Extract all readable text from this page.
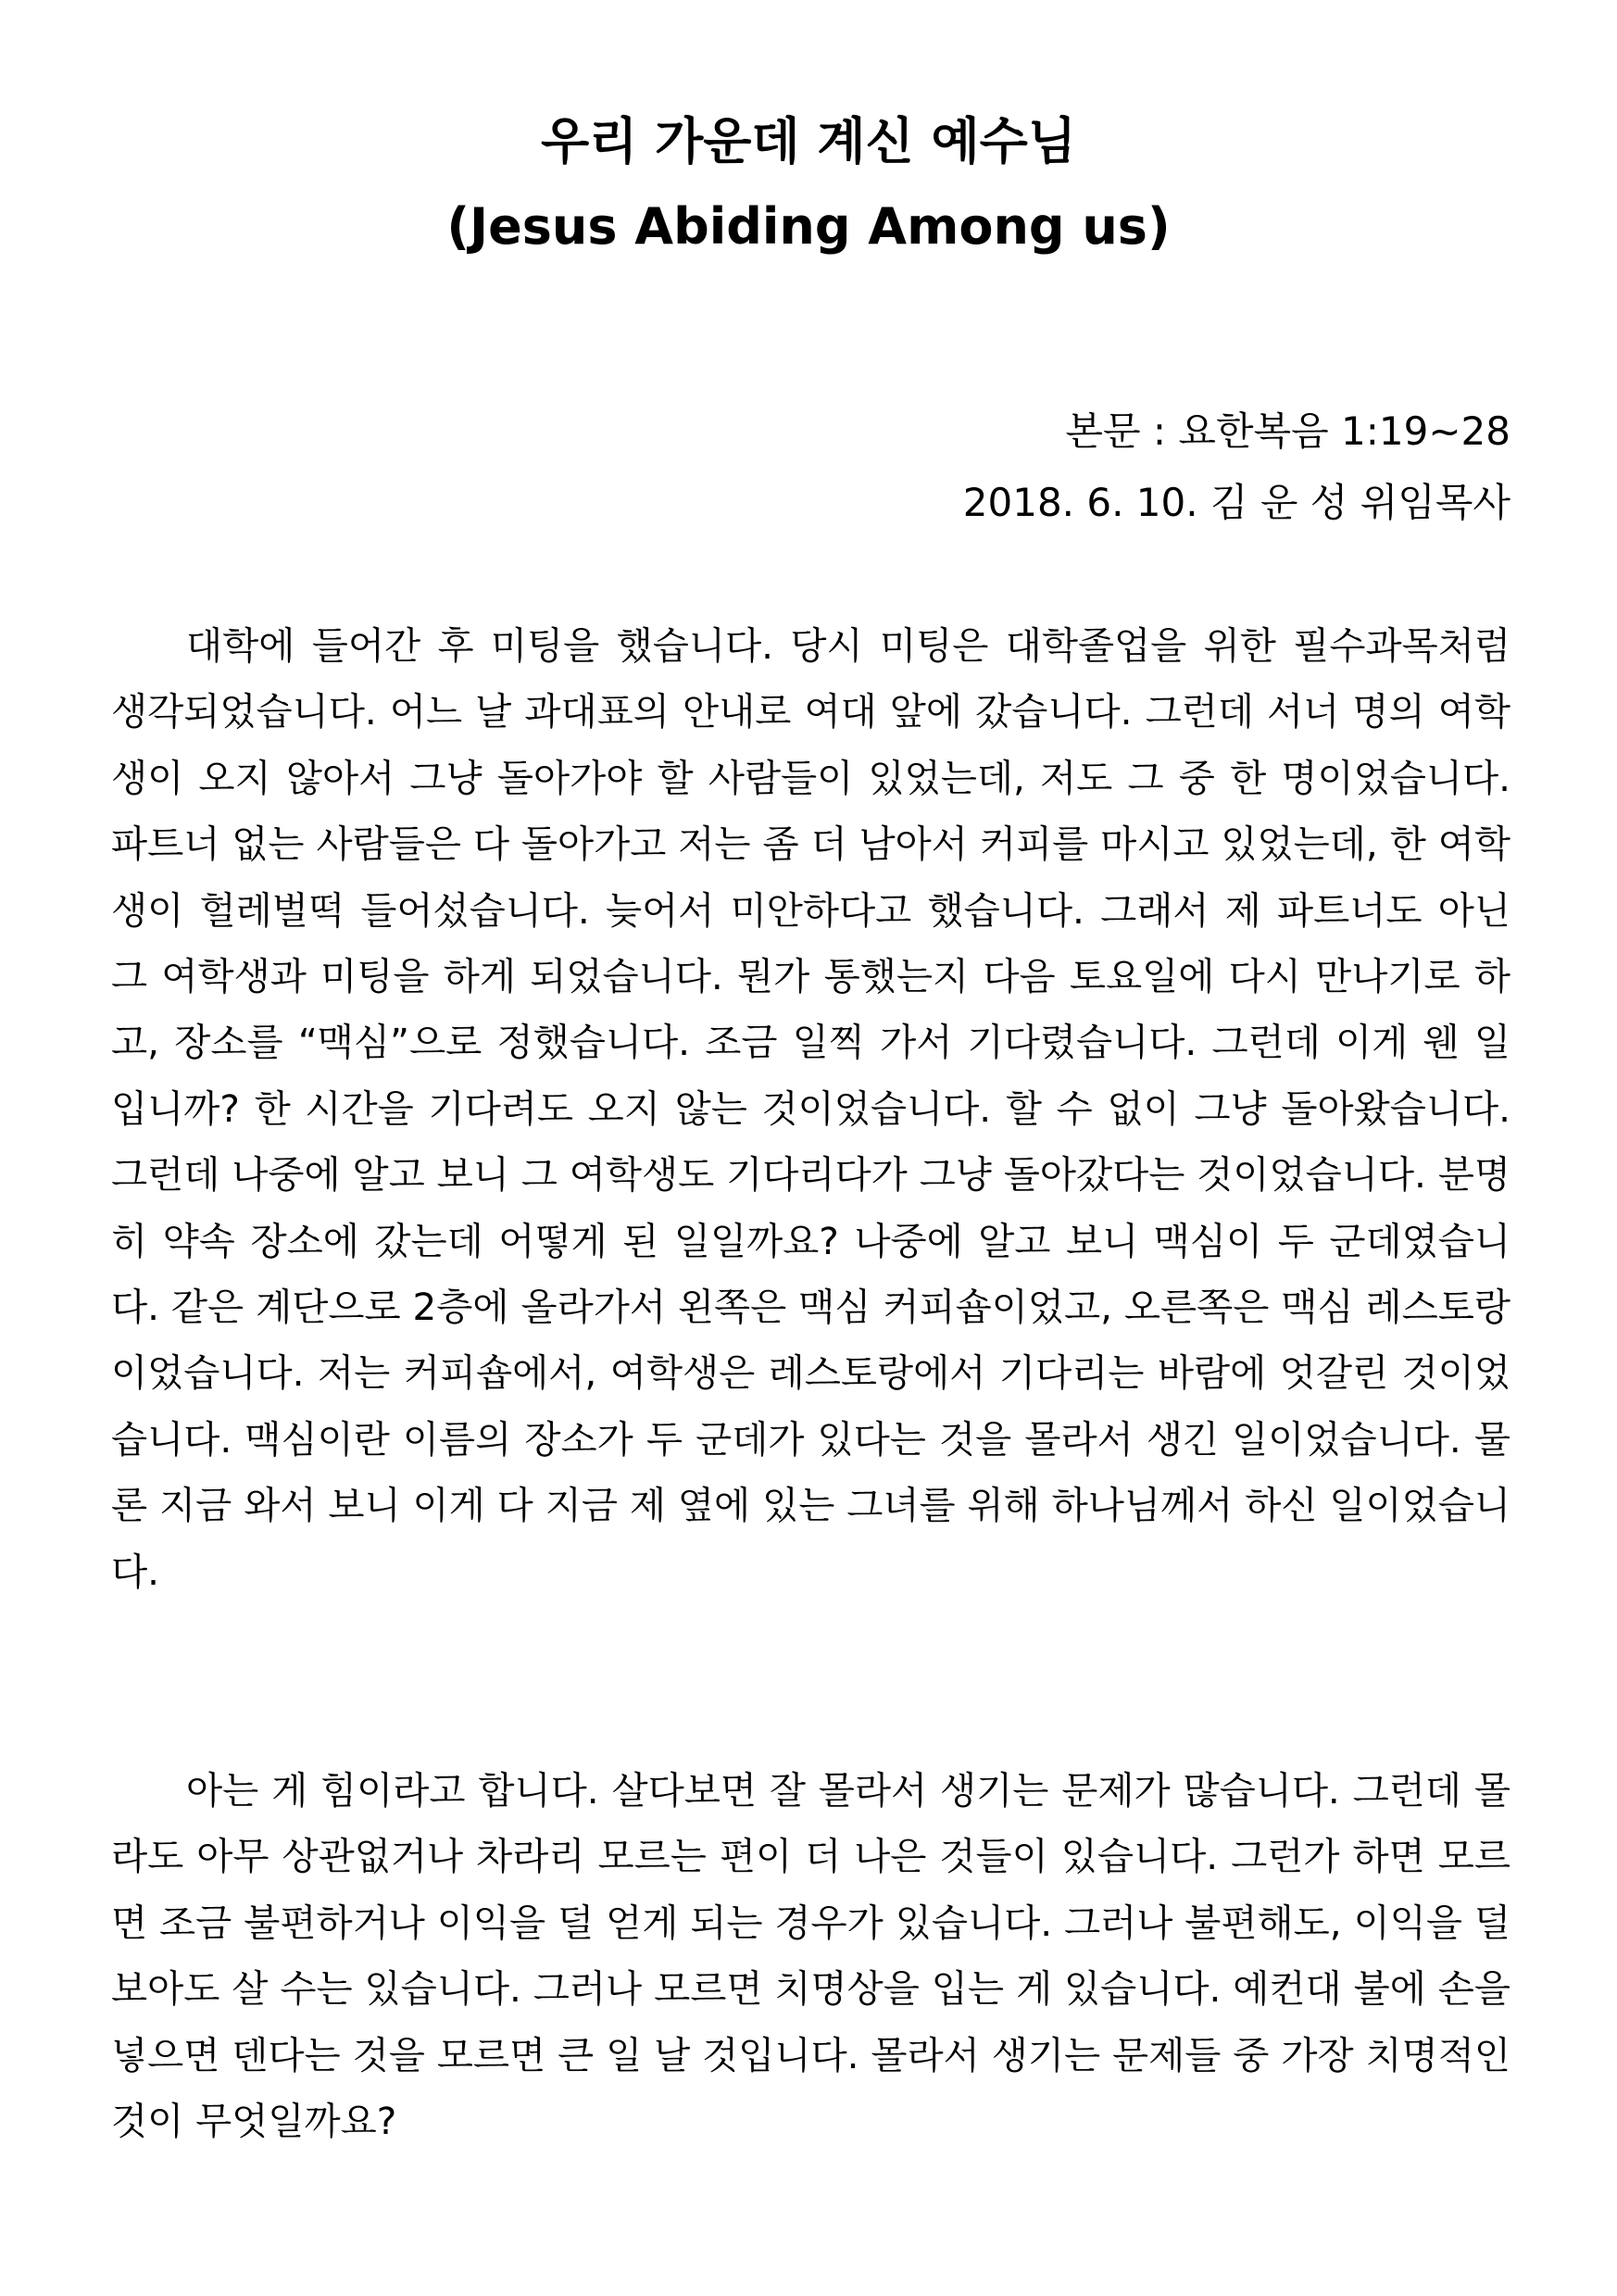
우리 가운데 계신 예수님
(Jesus Abiding Among us)
본문 : 요한복음 1:19~28
2018. 6. 10. 김 운 성 위임목사

대학에 들어간 후 미팅을 했습니다. 당시 미팅은 대학졸업을 위한 필수과목처럼 생각되었습니다. 어느 날 과대표의 안내로 여대 앞에 갔습니다. 그런데 서너 명의 여학생이 오지 않아서 그냥 돌아가야 할 사람들이 있었는데, 저도 그 중 한 명이었습니다. 파트너 없는 사람들은 다 돌아가고 저는 좀 더 남아서 커피를 마시고 있었는데, 한 여학생이 헐레벌떡 들어섰습니다. 늦어서 미안하다고 했습니다. 그래서 제 파트너도 아닌 그 여학생과 미팅을 하게 되었습니다. 뭔가 통했는지 다음 토요일에 다시 만나기로 하고, 장소를 “맥심”으로 정했습니다. 조금 일찍 가서 기다렸습니다. 그런데 이게 웬 일입니까? 한 시간을 기다려도 오지 않는 것이었습니다. 할 수 없이 그냥 돌아왔습니다. 그런데 나중에 알고 보니 그 여학생도 기다리다가 그냥 돌아갔다는 것이었습니다. 분명히 약속 장소에 갔는데 어떻게 된 일일까요? 나중에 알고 보니 맥심이 두 군데였습니다. 같은 계단으로 2층에 올라가서 왼쪽은 맥심 커피숍이었고, 오른쪽은 맥심 레스토랑이었습니다. 저는 커피숍에서, 여학생은 레스토랑에서 기다리는 바람에 엇갈린 것이었습니다. 맥심이란 이름의 장소가 두 군데가 있다는 것을 몰라서 생긴 일이었습니다. 물론 지금 와서 보니 이게 다 지금 제 옆에 있는 그녀를 위해 하나님께서 하신 일이었습니다.

아는 게 힘이라고 합니다. 살다보면 잘 몰라서 생기는 문제가 많습니다. 그런데 몰라도 아무 상관없거나 차라리 모르는 편이 더 나은 것들이 있습니다. 그런가 하면 모르면 조금 불편하거나 이익을 덜 얻게 되는 경우가 있습니다. 그러나 불편해도, 이익을 덜 보아도 살 수는 있습니다. 그러나 모르면 치명상을 입는 게 있습니다. 예컨대 불에 손을 넣으면 덴다는 것을 모르면 큰 일 날 것입니다. 몰라서 생기는 문제들 중 가장 치명적인 것이 무엇일까요?
